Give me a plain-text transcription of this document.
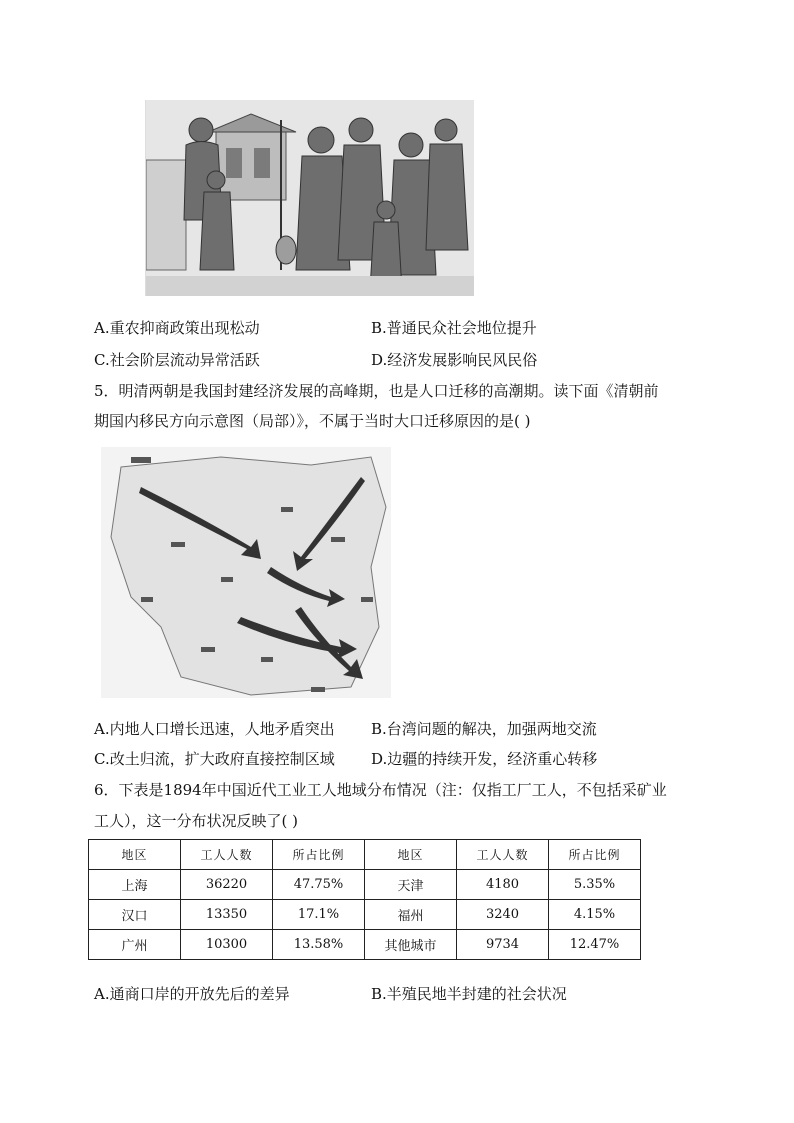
A.重农抑商政策出现松动	B.普通民众社会地位提升
C.社会阶层流动异常活跃	D.经济发展影响民风民俗
5．明清两朝是我国封建经济发展的高峰期，也是人口迁移的高潮期。读下面《清朝前
期国内移民方向示意图（局部）》，不属于当时大口迁移原因的是( )
A.内地人口增长迅速，人地矛盾突出 B.台湾问题的解决，加强两地交流
C.改土归流，扩大政府直接控制区域 D.边疆的持续开发，经济重心转移
6．下表是1894年中国近代工业工人地域分布情况（注：仅指工厂工人，不包括采矿业
工人），这一分布状况反映了( )
地区	工人人数	所占比例	地区	工人人数	所占比例
上海	36220	47.75%	天津	4180	5.35%
汉口	13350	17.1%	福州	3240	4.15%
广州	10300	13.58%	其他城市	9734	12.47%
A.通商口岸的开放先后的差异	B.半殖民地半封建的社会状况
